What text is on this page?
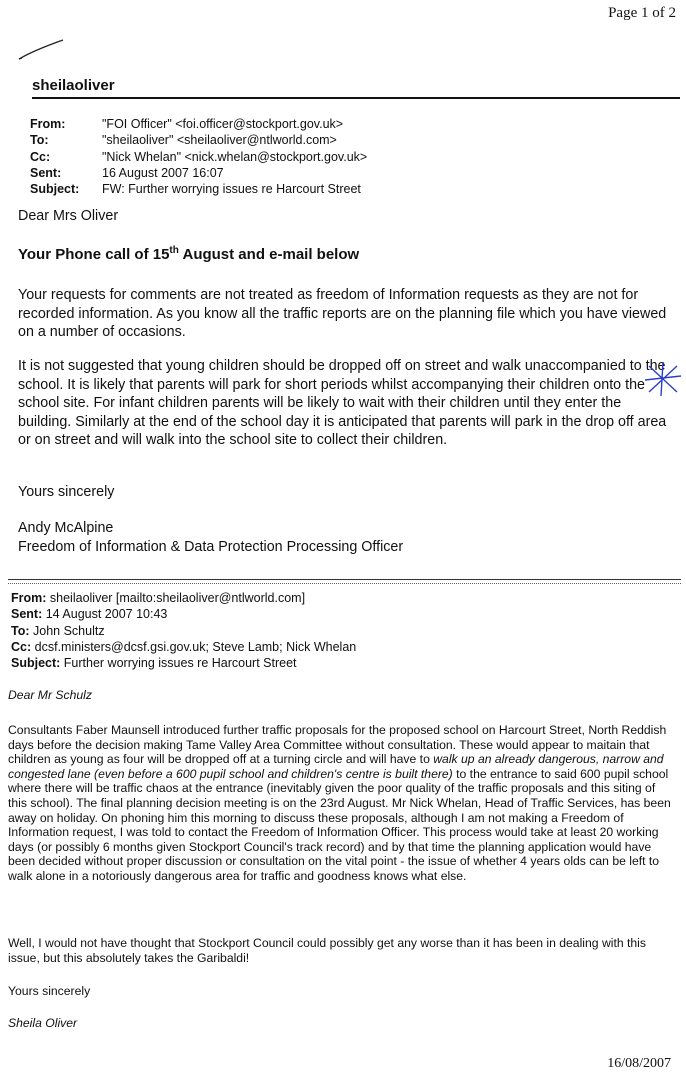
Page 1 of 2
sheilaoliver
From:	"FOI Officer" <foi.officer@stockport.gov.uk>
To:	"sheilaoliver" <sheilaoliver@ntlworld.com>
Cc:	"Nick Whelan" <nick.whelan@stockport.gov.uk>
Sent:	16 August 2007 16:07
Subject:	FW: Further worrying issues re Harcourt Street
Dear Mrs Oliver
Your Phone call of 15th August and e-mail below
Your requests for comments are not treated as freedom of Information requests as they are not for recorded information. As you know all the traffic reports are on the planning file which you have viewed on a number of occasions.
It is not suggested that young children should be dropped off on street and walk unaccompanied to the school. It is likely that parents will park for short periods whilst accompanying their children onto the school site. For infant children parents will be likely to wait with their children until they enter the building. Similarly at the end of the school day it is anticipated that parents will park in the drop off area or on street and will walk into the school site to collect their children.
Yours sincerely
Andy McAlpine
Freedom of Information & Data Protection Processing Officer
From: sheilaoliver [mailto:sheilaoliver@ntlworld.com]
Sent: 14 August 2007 10:43
To: John Schultz
Cc: dcsf.ministers@dcsf.gsi.gov.uk; Steve Lamb; Nick Whelan
Subject: Further worrying issues re Harcourt Street
Dear Mr Schulz
Consultants Faber Maunsell introduced further traffic proposals for the proposed school on Harcourt Street, North Reddish days before the decision making Tame Valley Area Committee without consultation. These would appear to maitain that children as young as four will be dropped off at a turning circle and will have to walk up an already dangerous, narrow and congested lane (even before a 600 pupil school and children's centre is built there) to the entrance to said 600 pupil school where there will be traffic chaos at the entrance (inevitably given the poor quality of the traffic proposals and this siting of this school). The final planning decision meeting is on the 23rd August. Mr Nick Whelan, Head of Traffic Services, has been away on holiday. On phoning him this morning to discuss these proposals, although I am not making a Freedom of Information request, I was told to contact the Freedom of Information Officer. This process would take at least 20 working days (or possibly 6 months given Stockport Council's track record) and by that time the planning application would have been decided without proper discussion or consultation on the vital point - the issue of whether 4 years olds can be left to walk alone in a notoriously dangerous area for traffic and goodness knows what else.
Well, I would not have thought that Stockport Council could possibly get any worse than it has been in dealing with this issue, but this absolutely takes the Garibaldi!
Yours sincerely
Sheila Oliver
16/08/2007
